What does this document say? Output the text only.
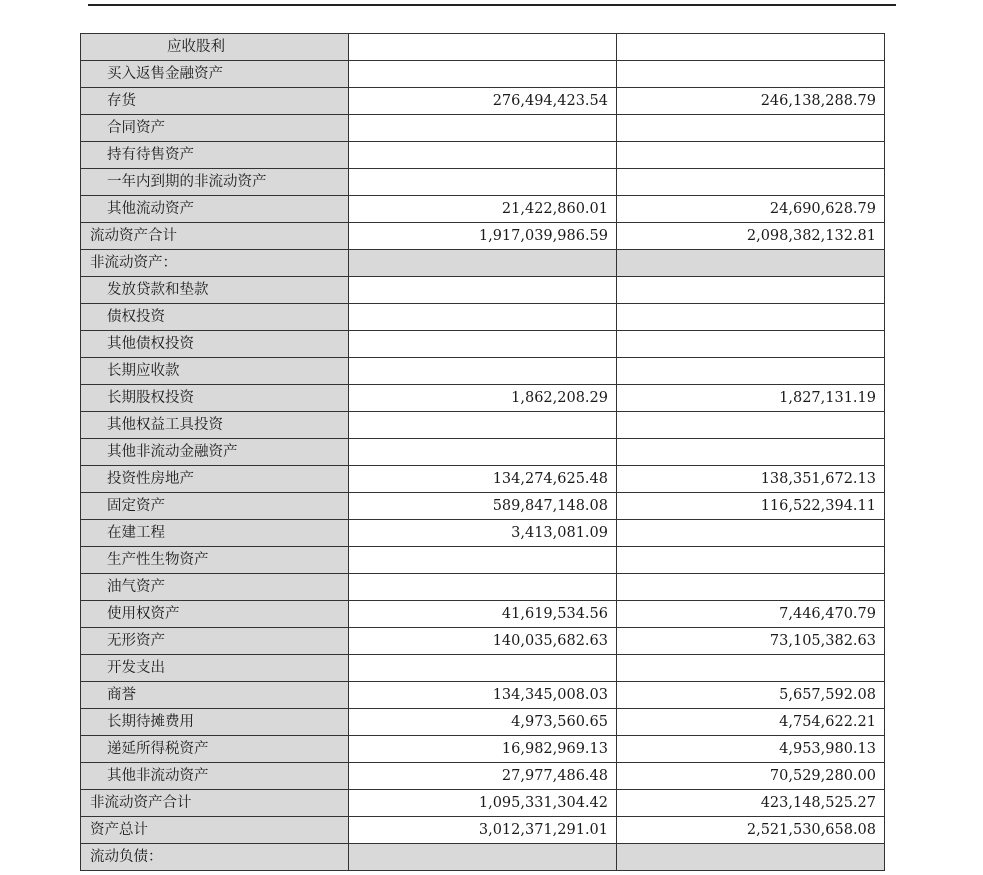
应收股利		
买入返售金融资产		
存货	276,494,423.54	246,138,288.79
合同资产		
持有待售资产		
一年内到期的非流动资产		
其他流动资产	21,422,860.01	24,690,628.79
流动资产合计	1,917,039,986.59	2,098,382,132.81
非流动资产：		
发放贷款和垫款		
债权投资		
其他债权投资		
长期应收款		
长期股权投资	1,862,208.29	1,827,131.19
其他权益工具投资		
其他非流动金融资产		
投资性房地产	134,274,625.48	138,351,672.13
固定资产	589,847,148.08	116,522,394.11
在建工程	3,413,081.09	
生产性生物资产		
油气资产		
使用权资产	41,619,534.56	7,446,470.79
无形资产	140,035,682.63	73,105,382.63
开发支出		
商誉	134,345,008.03	5,657,592.08
长期待摊费用	4,973,560.65	4,754,622.21
递延所得税资产	16,982,969.13	4,953,980.13
其他非流动资产	27,977,486.48	70,529,280.00
非流动资产合计	1,095,331,304.42	423,148,525.27
资产总计	3,012,371,291.01	2,521,530,658.08
流动负债：		
